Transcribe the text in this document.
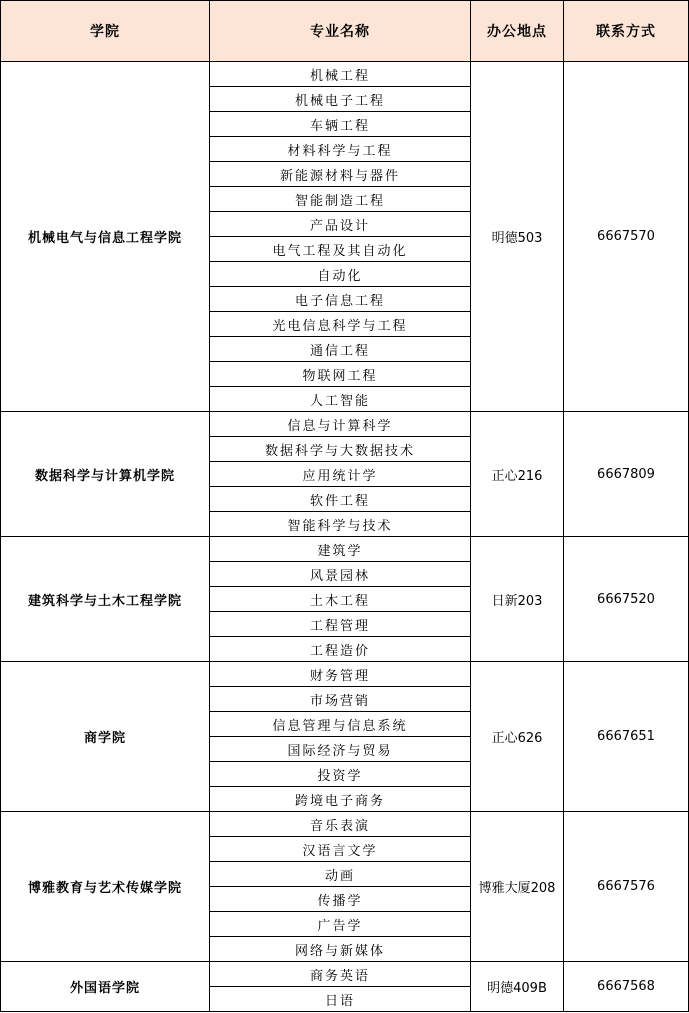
学院	专业名称	办公地点	联系方式
机械电气与信息工程学院	机械工程	明德503	6667570
	机械电子工程		
	车辆工程		
	材料科学与工程		
	新能源材料与器件		
	智能制造工程		
	产品设计		
	电气工程及其自动化		
	自动化		
	电子信息工程		
	光电信息科学与工程		
	通信工程		
	物联网工程		
	人工智能		
数据科学与计算机学院	信息与计算科学	正心216	6667809
	数据科学与大数据技术		
	应用统计学		
	软件工程		
	智能科学与技术		
建筑科学与土木工程学院	建筑学	日新203	6667520
	风景园林		
	土木工程		
	工程管理		
	工程造价		
商学院	财务管理	正心626	6667651
	市场营销		
	信息管理与信息系统		
	国际经济与贸易		
	投资学		
	跨境电子商务		
博雅教育与艺术传媒学院	音乐表演	博雅大厦208	6667576
	汉语言文学		
	动画		
	传播学		
	广告学		
	网络与新媒体		
外国语学院	商务英语	明德409B	6667568
	日语		
